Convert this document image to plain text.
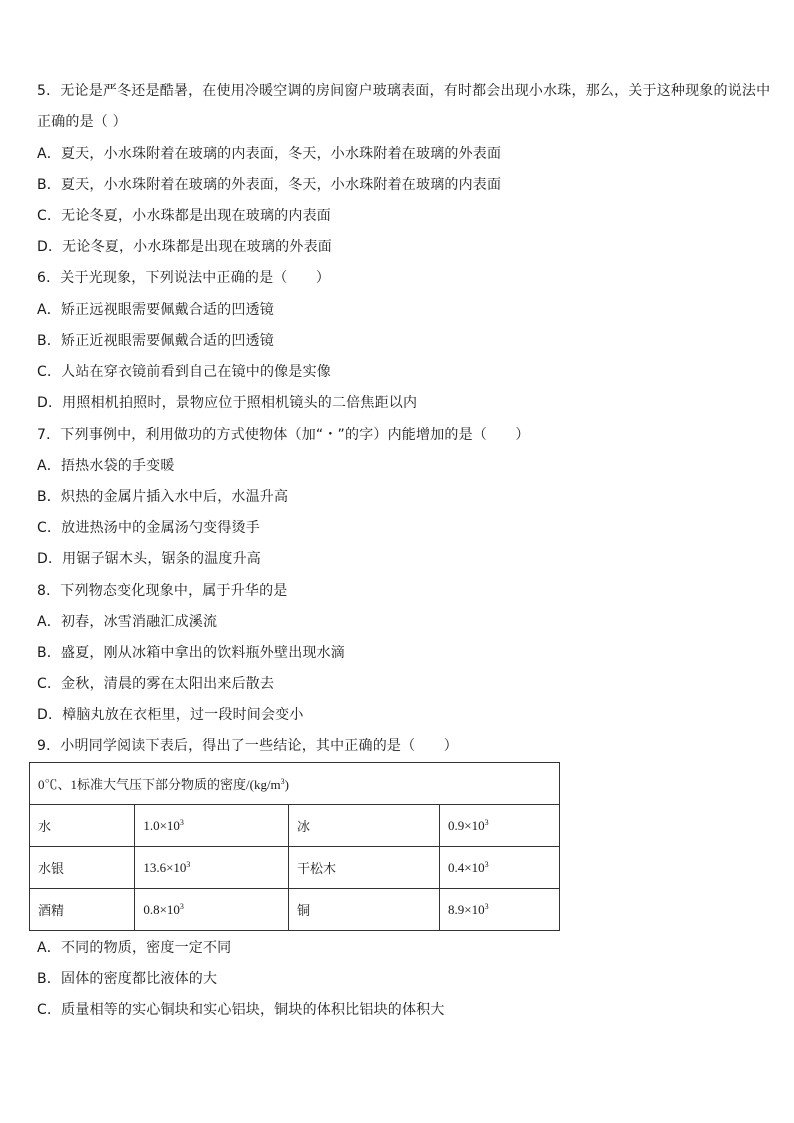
5．无论是严冬还是酷暑，在使用冷暖空调的房间窗户玻璃表面，有时都会出现小水珠，那么，关于这种现象的说法中
正确的是（ ）
A．夏天，小水珠附着在玻璃的内表面，冬天，小水珠附着在玻璃的外表面
B．夏天，小水珠附着在玻璃的外表面，冬天，小水珠附着在玻璃的内表面
C．无论冬夏，小水珠都是出现在玻璃的内表面
D．无论冬夏，小水珠都是出现在玻璃的外表面
6．关于光现象，下列说法中正确的是（　　）
A．矫正远视眼需要佩戴合适的凹透镜
B．矫正近视眼需要佩戴合适的凹透镜
C．人站在穿衣镜前看到自己在镜中的像是实像
D．用照相机拍照时，景物应位于照相机镜头的二倍焦距以内
7．下列事例中，利用做功的方式使物体（加“・”的字）内能增加的是（　　）
A．捂热水袋的手变暖
B．炽热的金属片插入水中后，水温升高
C．放进热汤中的金属汤勺变得烫手
D．用锯子锯木头，锯条的温度升高
8．下列物态变化现象中，属于升华的是
A．初春，冰雪消融汇成溪流
B．盛夏，刚从冰箱中拿出的饮料瓶外壁出现水滴
C．金秋，清晨的雾在太阳出来后散去
D．樟脑丸放在衣柜里，过一段时间会变小
9．小明同学阅读下表后，得出了一些结论，其中正确的是（　　）
0℃、1标准大气压下部分物质的密度$/(kg/m^3)$			
水	$1.0\times 10^3$	冰	$0.9\times 10^3$
水银	$13.6\times 10^3$	干松木	$0.4\times 10^3$
酒精	$0.8\times 10^3$	铜	$8.9\times 10^3$
A．不同的物质，密度一定不同
B．固体的密度都比液体的大
C．质量相等的实心铜块和实心铝块，铜块的体积比铝块的体积大
